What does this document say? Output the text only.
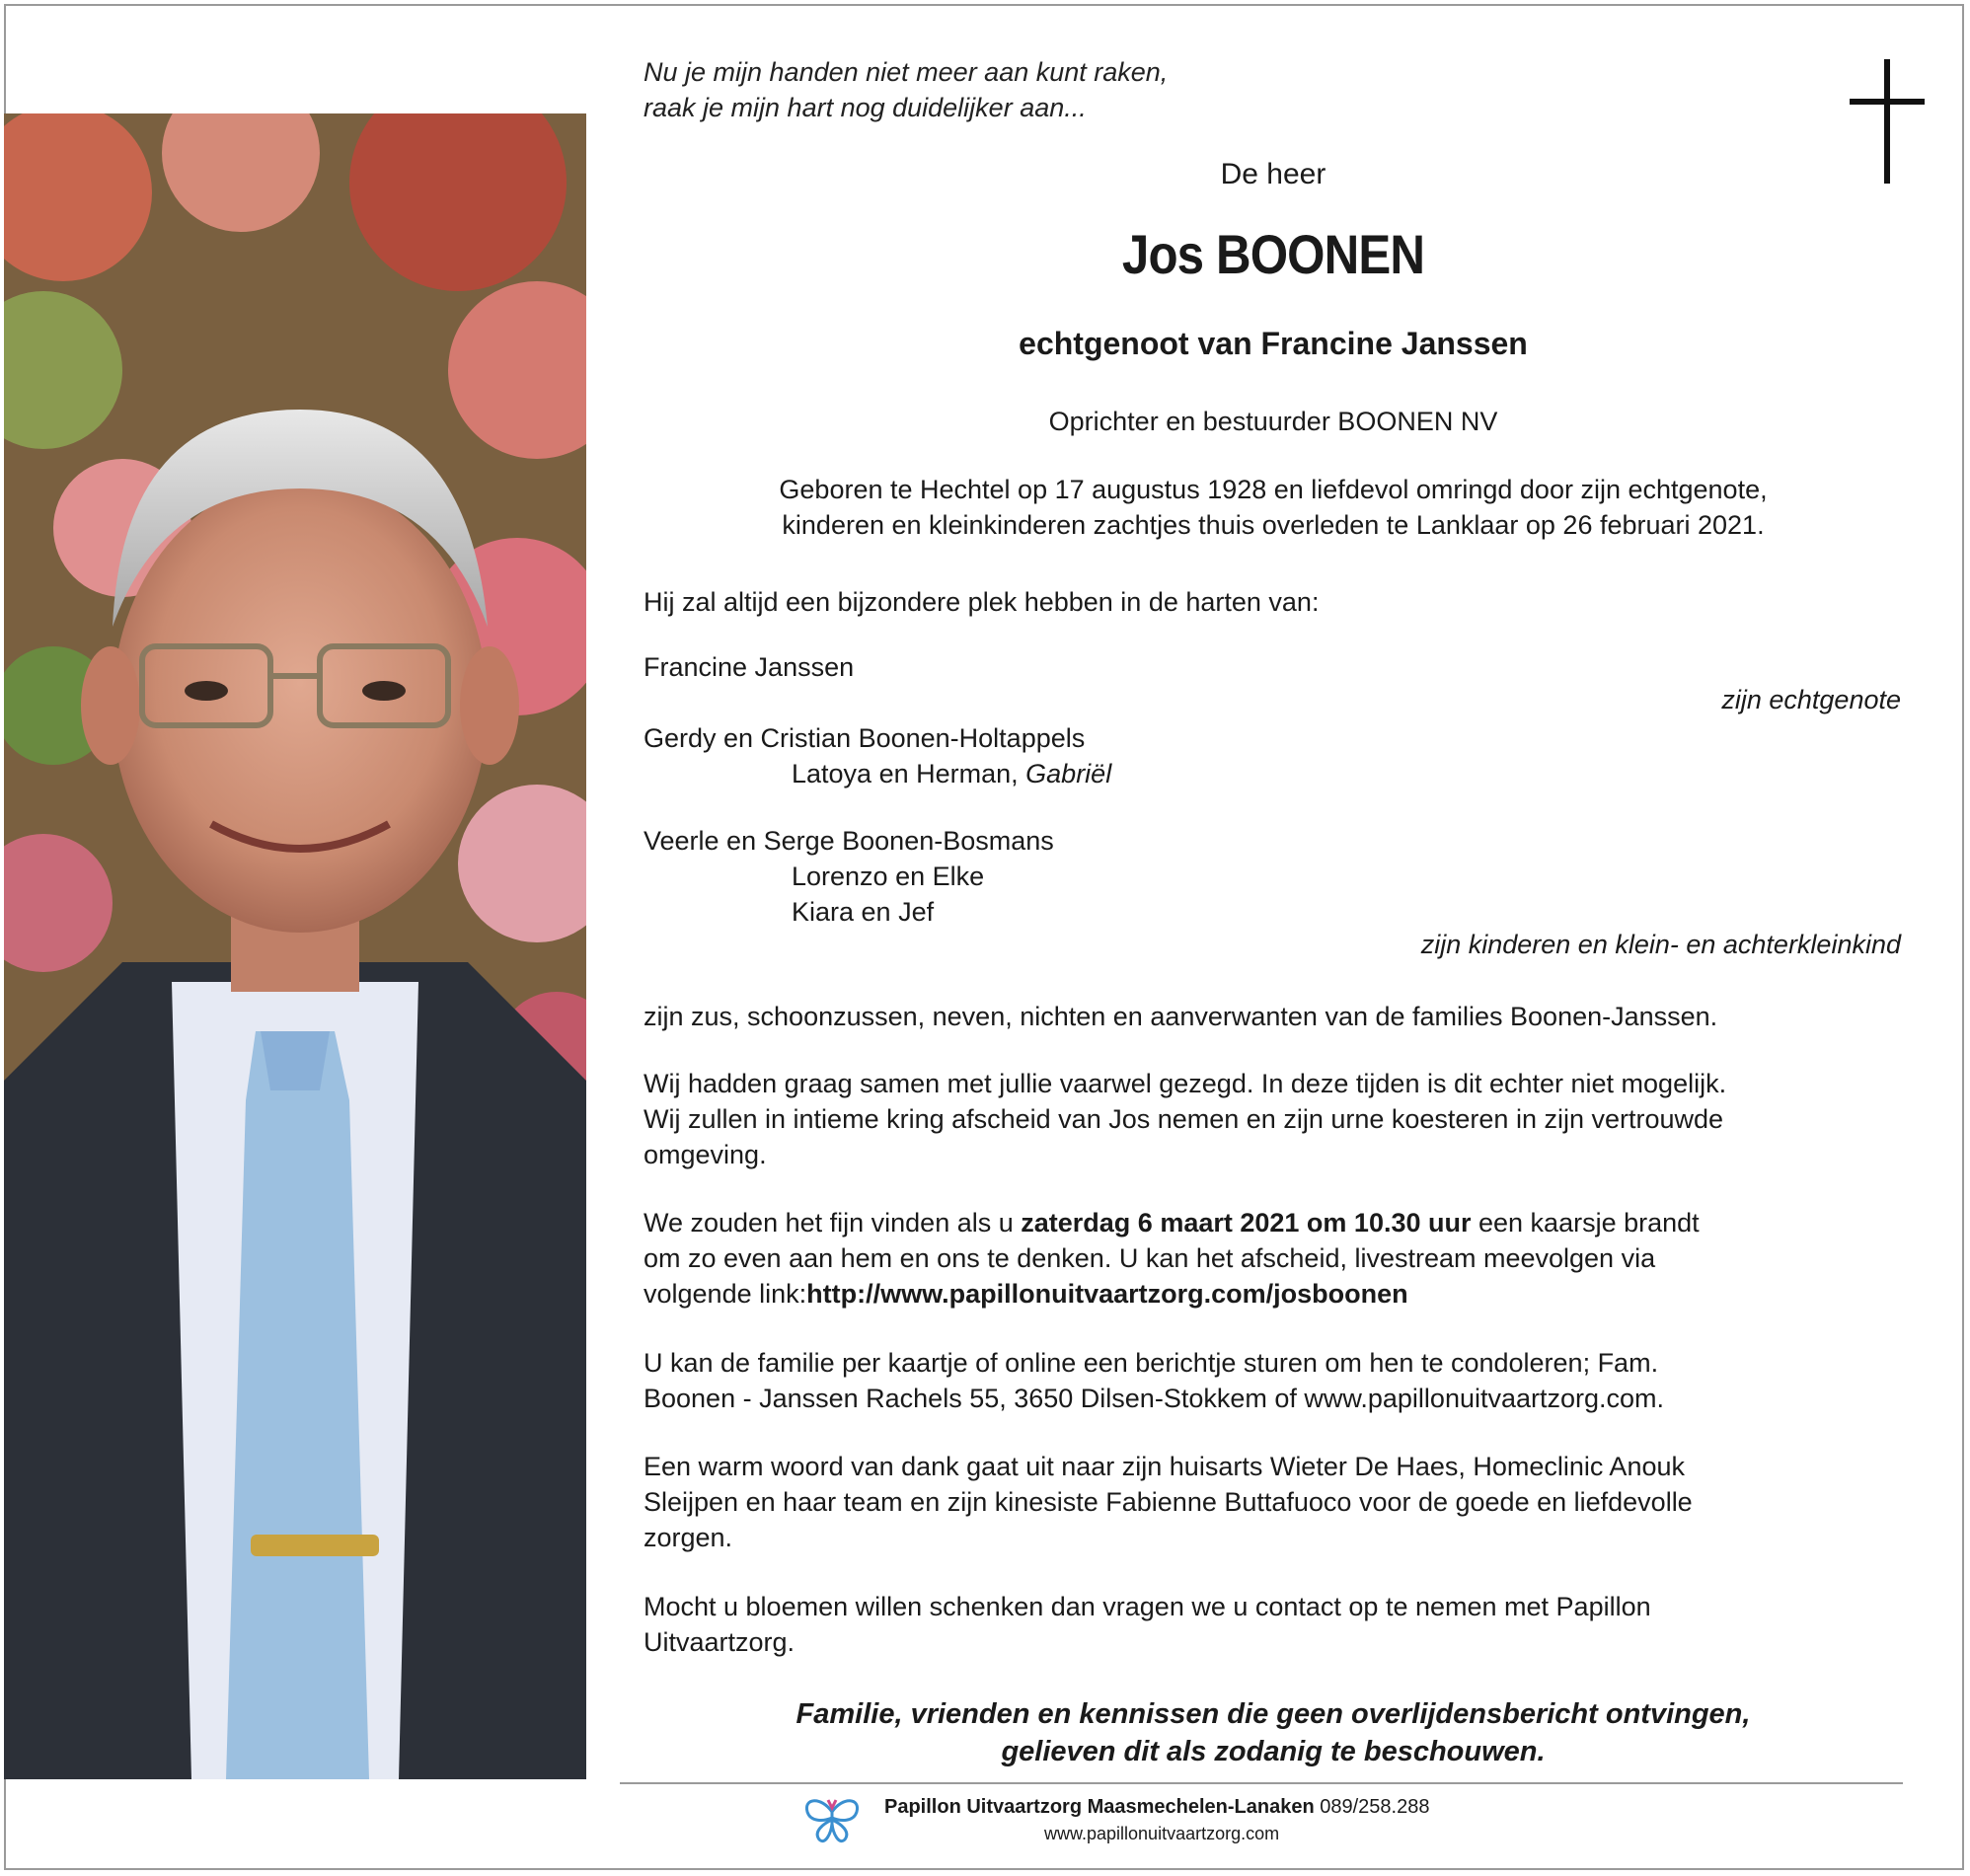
Nu je mijn handen niet meer aan kunt raken,
raak je mijn hart nog duidelijker aan...
De heer
Jos BOONEN
echtgenoot van Francine Janssen
Oprichter en bestuurder BOONEN NV
Geboren te Hechtel op 17 augustus 1928 en liefdevol omringd door zijn echtgenote,
kinderen en kleinkinderen zachtjes thuis overleden te Lanklaar op 26 februari 2021.
Hij zal altijd een bijzondere plek hebben in de harten van:
Francine Janssen
zijn echtgenote
Gerdy en Cristian Boonen-Holtappels
Latoya en Herman, Gabriël
Veerle en Serge Boonen-Bosmans
Lorenzo en Elke
Kiara en Jef
zijn kinderen en klein- en achterkleinkind
zijn zus, schoonzussen, neven, nichten en aanverwanten van de families Boonen-Janssen.
Wij hadden graag samen met jullie vaarwel gezegd. In deze tijden is dit echter niet mogelijk.
Wij zullen in intieme kring afscheid van Jos nemen en zijn urne koesteren in zijn vertrouwde
omgeving.
We zouden het fijn vinden als u zaterdag 6 maart 2021 om 10.30 uur een kaarsje brandt
om zo even aan hem en ons te denken. U kan het afscheid, livestream meevolgen via
volgende link:http://www.papillonuitvaartzorg.com/josboonen
U kan de familie per kaartje of online een berichtje sturen om hen te condoleren; Fam.
Boonen - Janssen Rachels 55, 3650 Dilsen-Stokkem of www.papillonuitvaartzorg.com.
Een warm woord van dank gaat uit naar zijn huisarts Wieter De Haes, Homeclinic Anouk
Sleijpen en haar team en zijn kinesiste Fabienne Buttafuoco voor de goede en liefdevolle
zorgen.
Mocht u bloemen willen schenken dan vragen we u contact op te nemen met Papillon
Uitvaartzorg.
Familie, vrienden en kennissen die geen overlijdensbericht ontvingen,
gelieven dit als zodanig te beschouwen.
Papillon Uitvaartzorg Maasmechelen-Lanaken 089/258.288
www.papillonuitvaartzorg.com
